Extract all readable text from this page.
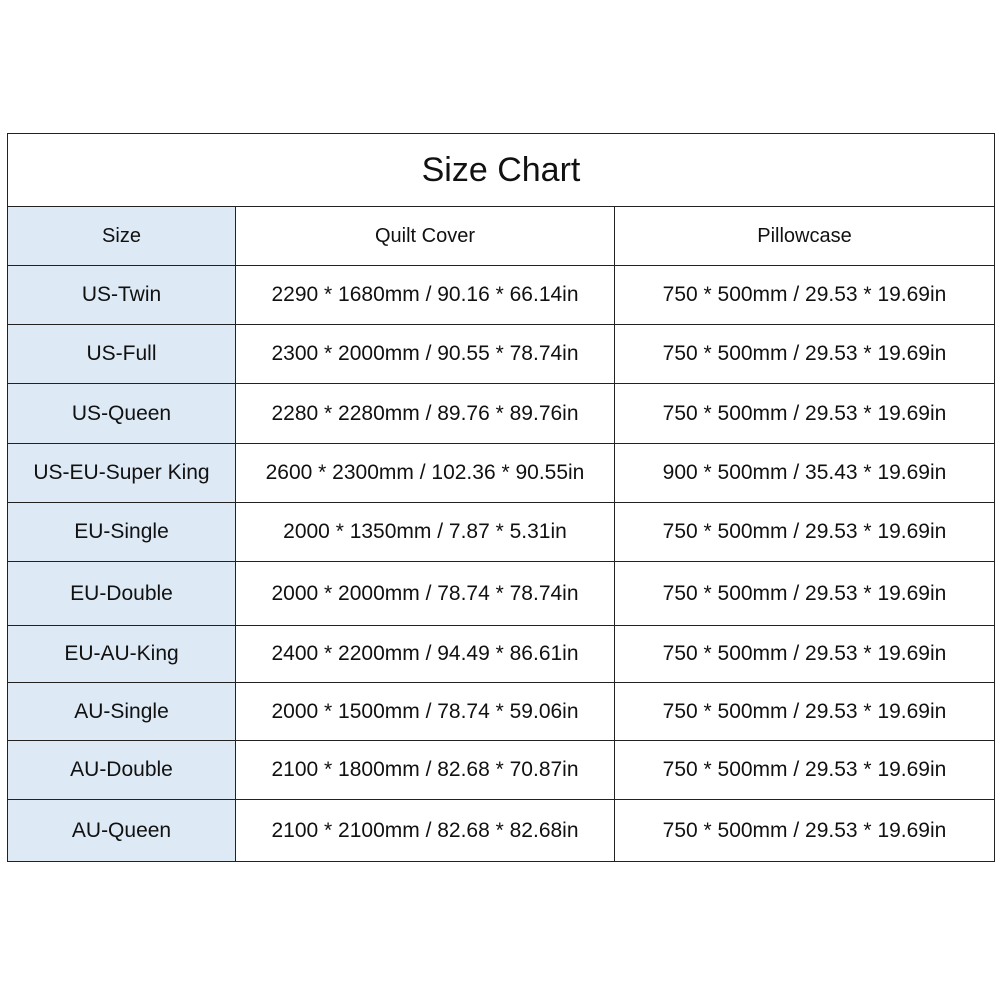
Size Chart
Size	Quilt Cover	Pillowcase
US-Twin	2290 * 1680mm / 90.16 * 66.14in	750 * 500mm / 29.53 * 19.69in
US-Full	2300 * 2000mm / 90.55 * 78.74in	750 * 500mm / 29.53 * 19.69in
US-Queen	2280 * 2280mm / 89.76 * 89.76in	750 * 500mm / 29.53 * 19.69in
US-EU-Super King	2600 * 2300mm / 102.36 * 90.55in	900 * 500mm / 35.43 * 19.69in
EU-Single	2000 * 1350mm / 7.87 * 5.31in	750 * 500mm / 29.53 * 19.69in
EU-Double	2000 * 2000mm / 78.74 * 78.74in	750 * 500mm / 29.53 * 19.69in
EU-AU-King	2400 * 2200mm / 94.49 * 86.61in	750 * 500mm / 29.53 * 19.69in
AU-Single	2000 * 1500mm / 78.74 * 59.06in	750 * 500mm / 29.53 * 19.69in
AU-Double	2100 * 1800mm / 82.68 * 70.87in	750 * 500mm / 29.53 * 19.69in
AU-Queen	2100 * 2100mm / 82.68 * 82.68in	750 * 500mm / 29.53 * 19.69in
